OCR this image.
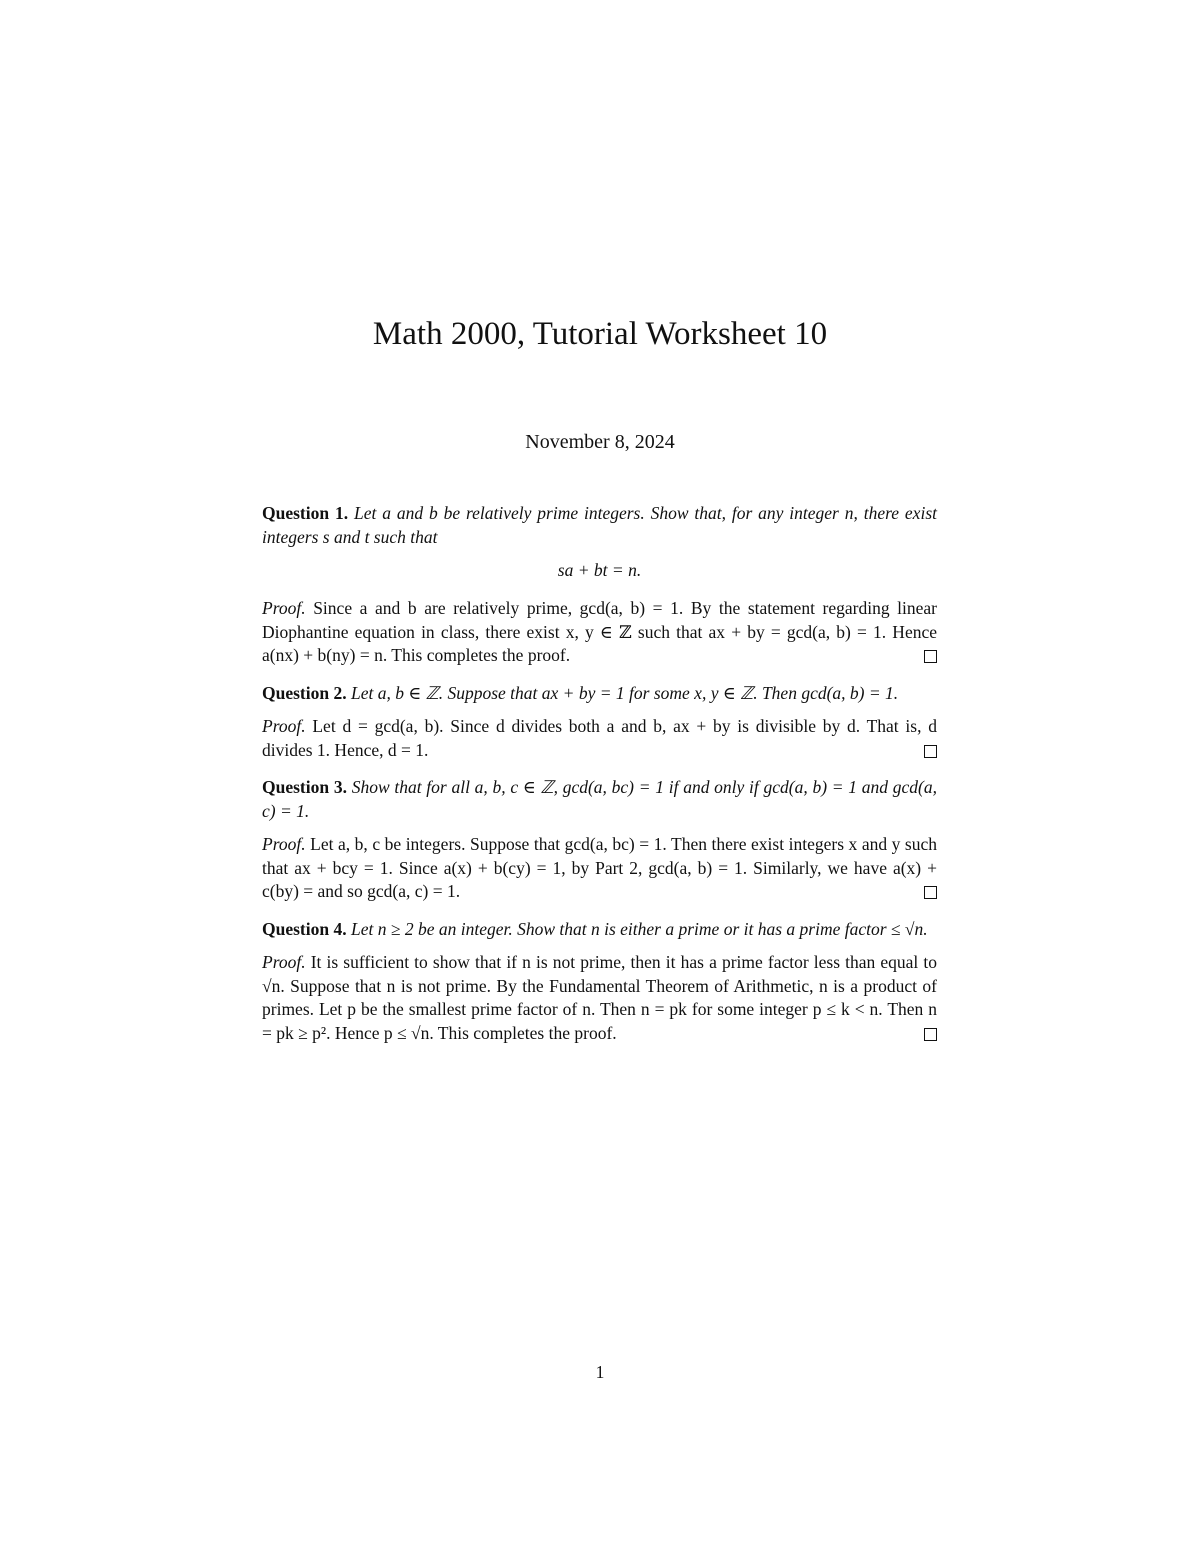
Math 2000, Tutorial Worksheet 10
November 8, 2024
Question 1. Let a and b be relatively prime integers. Show that, for any integer n, there exist integers s and t such that
sa + bt = n.
Proof. Since a and b are relatively prime, gcd(a, b) = 1. By the statement regarding linear Diophantine equation in class, there exist x, y ∈ ℤ such that ax + by = gcd(a, b) = 1. Hence a(nx) + b(ny) = n. This completes the proof.
Question 2. Let a, b ∈ ℤ. Suppose that ax + by = 1 for some x, y ∈ ℤ. Then gcd(a, b) = 1.
Proof. Let d = gcd(a, b). Since d divides both a and b, ax + by is divisible by d. That is, d divides 1. Hence, d = 1.
Question 3. Show that for all a, b, c ∈ ℤ, gcd(a, bc) = 1 if and only if gcd(a, b) = 1 and gcd(a, c) = 1.
Proof. Let a, b, c be integers. Suppose that gcd(a, bc) = 1. Then there exist integers x and y such that ax + bcy = 1. Since a(x) + b(cy) = 1, by Part 2, gcd(a, b) = 1. Similarly, we have a(x) + c(by) = and so gcd(a, c) = 1.
Question 4. Let n ≥ 2 be an integer. Show that n is either a prime or it has a prime factor ≤ √n.
Proof. It is sufficient to show that if n is not prime, then it has a prime factor less than equal to √n. Suppose that n is not prime. By the Fundamental Theorem of Arithmetic, n is a product of primes. Let p be the smallest prime factor of n. Then n = pk for some integer p ≤ k < n. Then n = pk ≥ p². Hence p ≤ √n. This completes the proof.
1
